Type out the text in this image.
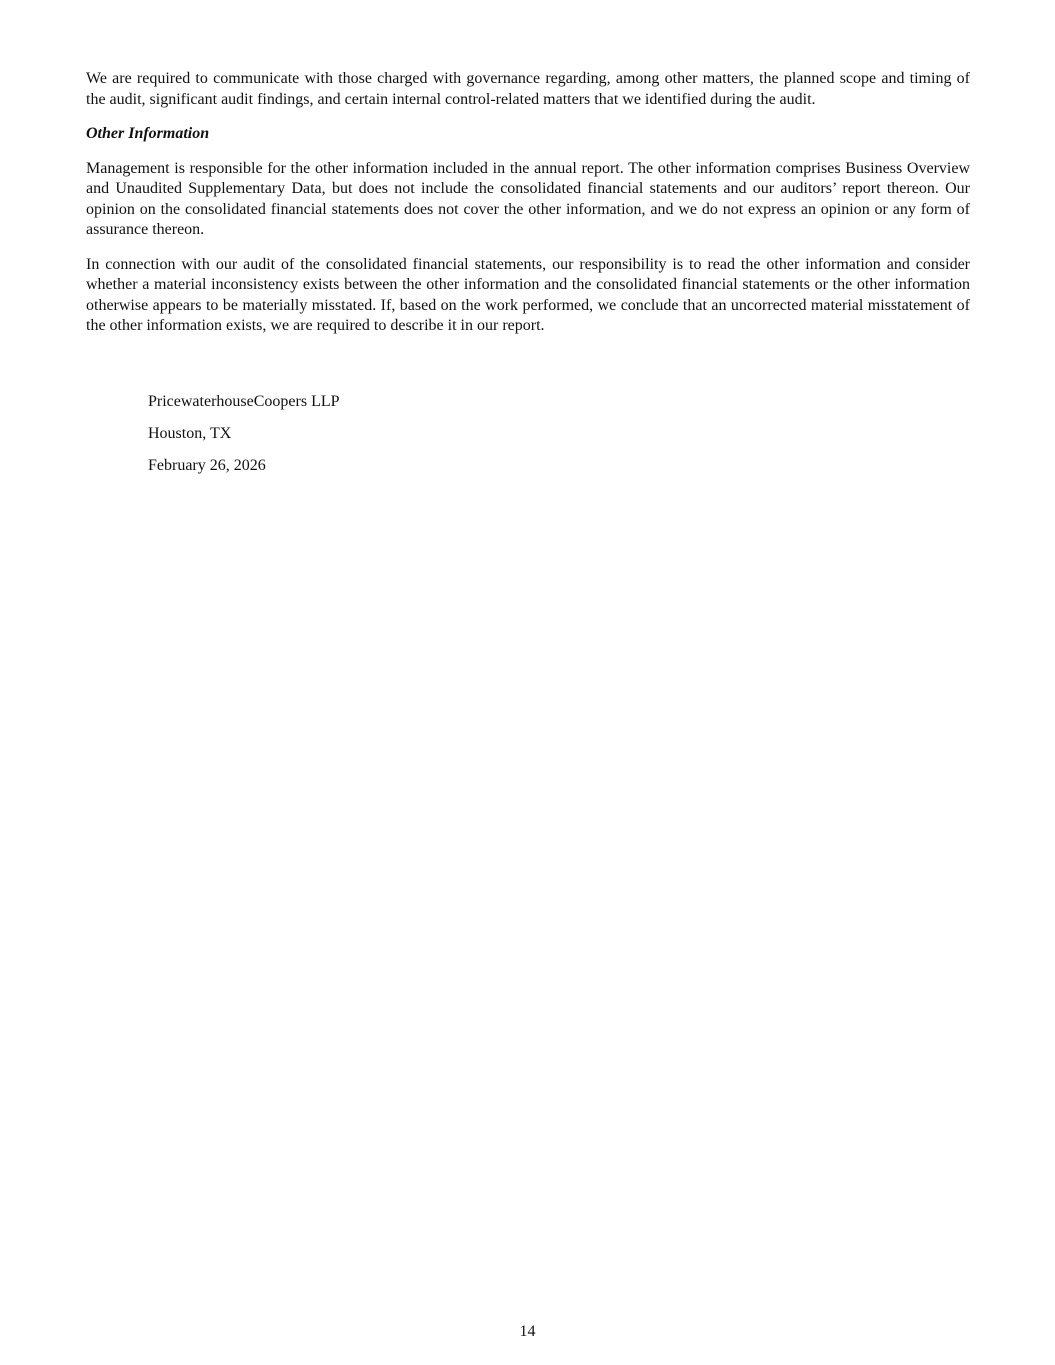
We are required to communicate with those charged with governance regarding, among other matters, the planned scope and timing of the audit, significant audit findings, and certain internal control-related matters that we identified during the audit.

Other Information

Management is responsible for the other information included in the annual report. The other information comprises Business Overview and Unaudited Supplementary Data, but does not include the consolidated financial statements and our auditors’ report thereon. Our opinion on the consolidated financial statements does not cover the other information, and we do not express an opinion or any form of assurance thereon.

In connection with our audit of the consolidated financial statements, our responsibility is to read the other information and consider whether a material inconsistency exists between the other information and the consolidated financial statements or the other information otherwise appears to be materially misstated. If, based on the work performed, we conclude that an uncorrected material misstatement of the other information exists, we are required to describe it in our report.

PricewaterhouseCoopers LLP

Houston, TX

February 26, 2026

14
